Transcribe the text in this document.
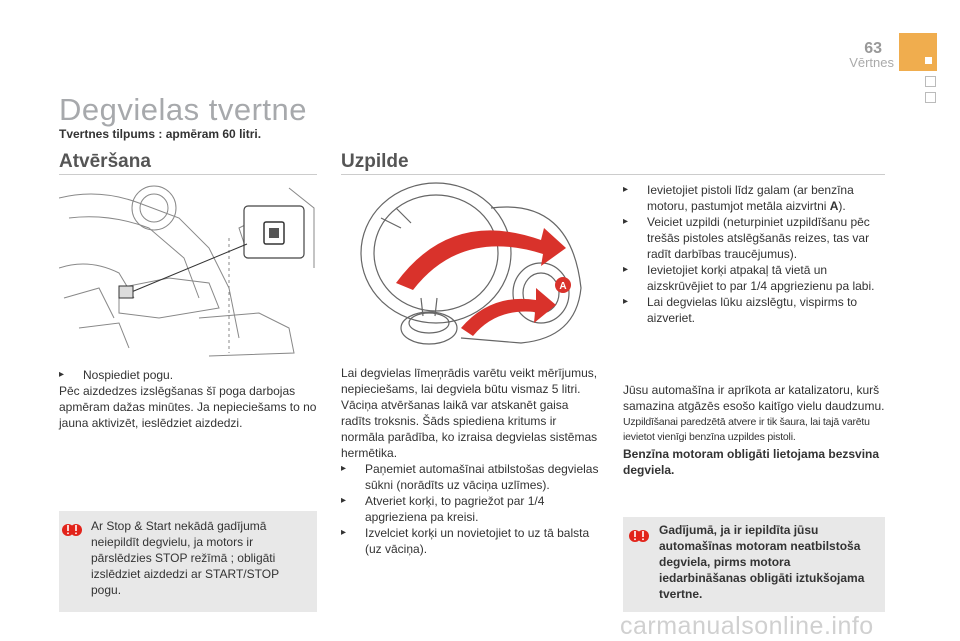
63
Vērtnes
Degvielas tvertne
Tvertnes tilpums : apmēram 60 litri.
Atvēršana	Uzpilde
A
▸ Nospiediet pogu.
Pēc aizdedzes izslēgšanas šī poga darbojas apmēram dažas minūtes. Ja nepieciešams to no jauna aktivizēt, ieslēdziet aizdedzi.
Ar Stop & Start nekādā gadījumā neiepildīt degvielu, ja motors ir pārslēdzies STOP režīmā ; obligāti izslēdziet aizdedzi ar START/STOP pogu.
Lai degvielas līmeņrādis varētu veikt mērījumus, nepieciešams, lai degviela būtu vismaz 5 litri.
Vāciņa atvēršanas laikā var atskanēt gaisa radīts troksnis. Šāds spiediena kritums ir normāla parādība, ko izraisa degvielas sistēmas hermētika.
▸ Paņemiet automašīnai atbilstošas degvielas sūkni (norādīts uz vāciņa uzlīmes).
▸ Atveriet korķi, to pagriežot par 1/4 apgrieziena pa kreisi.
▸ Izvelciet korķi un novietojiet to uz tā balsta (uz vāciņa).
▸ Ievietojiet pistoli līdz galam (ar benzīna motoru, pastumjot metāla aizvirtni A).
▸ Veiciet uzpildi (neturpiniet uzpildīšanu pēc trešās pistoles atslēgšanās reizes, tas var radīt darbības traucējumus).
▸ Ievietojiet korķi atpakaļ tā vietā un aizskrūvējiet to par 1/4 apgriezienu pa labi.
▸ Lai degvielas lūku aizslēgtu, vispirms to aizveriet.
Jūsu automašīna ir aprīkota ar katalizatoru, kurš samazina atgāzēs esošo kaitīgo vielu daudzumu.
Uzpildīšanai paredzētā atvere ir tik šaura, lai tajā varētu ievietot vienīgi benzīna uzpildes pistoli.
Benzīna motoram obligāti lietojama bezsvina degviela.
Gadījumā, ja ir iepildīta jūsu automašīnas motoram neatbilstoša degviela, pirms motora iedarbināšanas obligāti iztukšojama tvertne.
carmanualsonline.info
